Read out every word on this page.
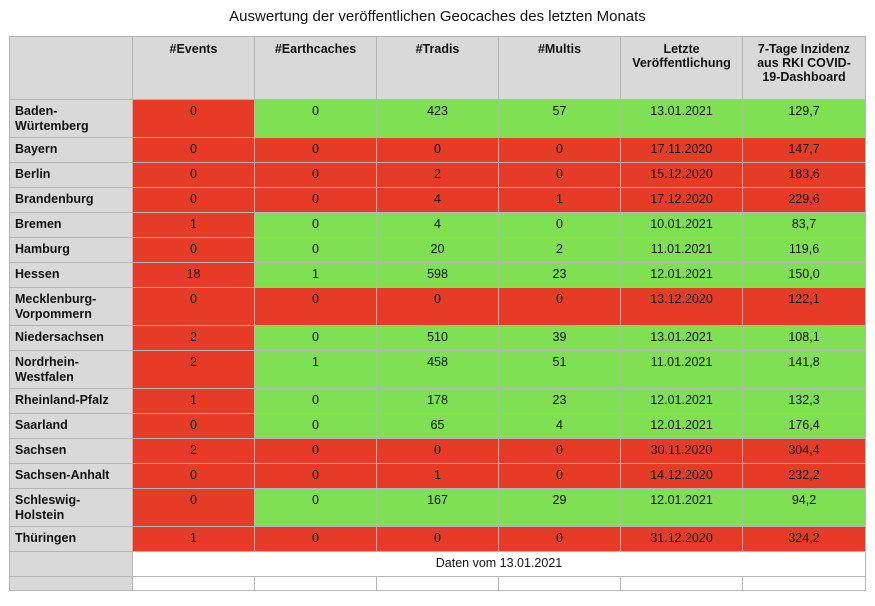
Auswertung der veröffentlichen Geocaches des letzten Monats
	#Events	#Earthcaches	#Tradis	#Multis	Letzte Veröffentlichung	7-Tage Inzidenz aus RKI COVID-19-Dashboard
Baden-Würtemberg	0	0	423	57	13.01.2021	129,7
Bayern	0	0	0	0	17.11.2020	147,7
Berlin	0	0	2	0	15.12.2020	183,6
Brandenburg	0	0	4	1	17.12.2020	229,6
Bremen	1	0	4	0	10.01.2021	83,7
Hamburg	0	0	20	2	11.01.2021	119,6
Hessen	18	1	598	23	12.01.2021	150,0
Mecklenburg-Vorpommern	0	0	0	0	13.12.2020	122,1
Niedersachsen	2	0	510	39	13.01.2021	108,1
Nordrhein-Westfalen	2	1	458	51	11.01.2021	141,8
Rheinland-Pfalz	1	0	178	23	12.01.2021	132,3
Saarland	0	0	65	4	12.01.2021	176,4
Sachsen	2	0	0	0	30.11.2020	304,4
Sachsen-Anhalt	0	0	1	0	14.12.2020	232,2
Schleswig-Holstein	0	0	167	29	12.01.2021	94,2
Thüringen	1	0	0	0	31.12.2020	324,2
	Daten vom 13.01.2021					
